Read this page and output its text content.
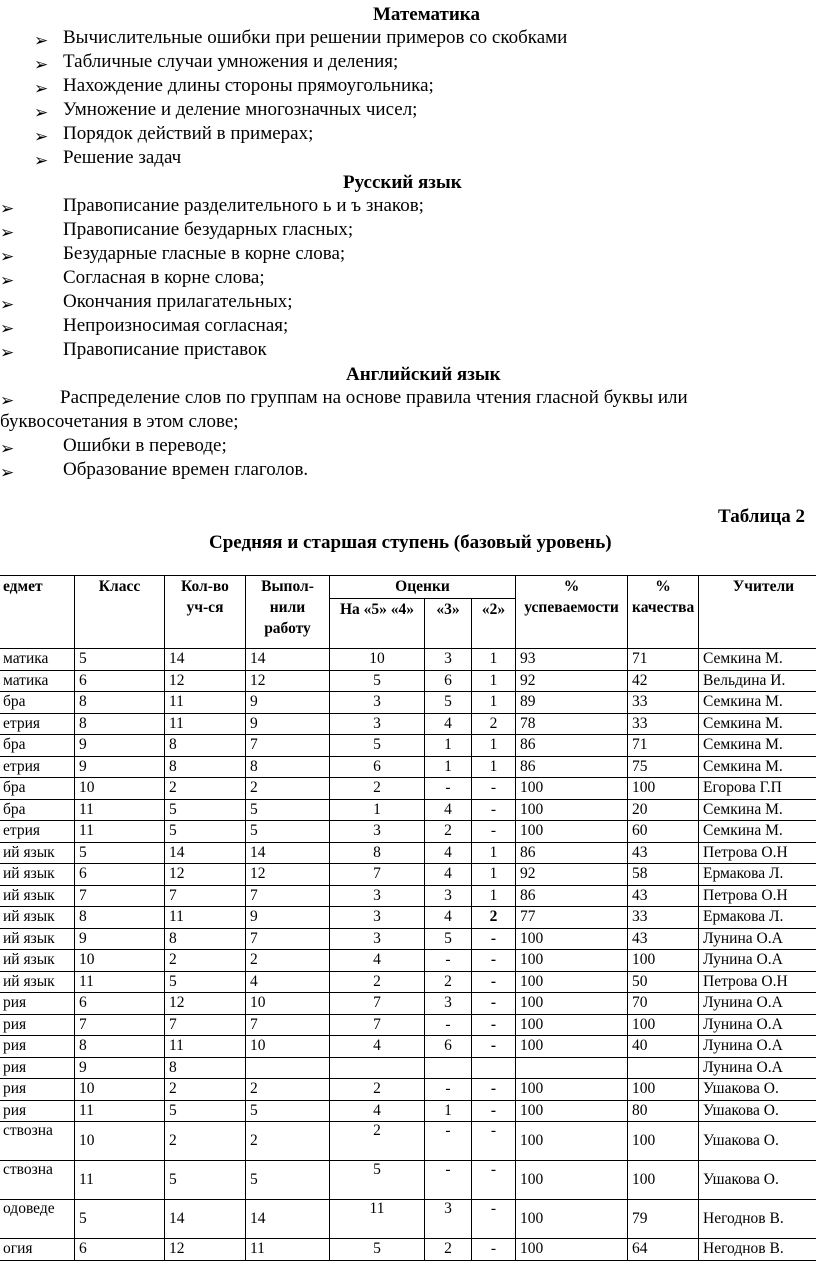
Математика
➢ Вычислительные ошибки при решении примеров со скобками
➢ Табличные случаи умножения и деления;
➢ Нахождение длины стороны прямоугольника;
➢ Умножение и деление многозначных чисел;
➢ Порядок действий в примерах;
➢ Решение задач
Русский язык
➢	Правописание разделительного ь и ъ знаков;
➢	Правописание безударных гласных;
➢	Безударные гласные в корне слова;
➢	Согласная в корне слова;
➢	Окончания прилагательных;
➢	Непроизносимая согласная;
➢	Правописание приставок
Английский язык
➢ Распределение слов по группам на основе правила чтения гласной буквы или
буквосочетания в этом слове;
➢	Ошибки в переводе;
➢	Образование времен глаголов.
Таблица 2
Средняя и старшая ступень (базовый уровень)
едмет	Класс	Кол-во уч-ся	Выпол-нили работу	Оценки			% успеваемости	% качества	Учители
				На «5» «4»	«3»	«2»			
матика	5	14	14	10	3	1	93	71	Семкина М.
матика	6	12	12	5	6	1	92	42	Вельдина И.
бра	8	11	9	3	5	1	89	33	Семкина М.
етрия	8	11	9	3	4	2	78	33	Семкина М.
бра	9	8	7	5	1	1	86	71	Семкина М.
етрия	9	8	8	6	1	1	86	75	Семкина М.
бра	10	2	2	2	-	-	100	100	Егорова Г.П
бра	11	5	5	1	4	-	100	20	Семкина М.
етрия	11	5	5	3	2	-	100	60	Семкина М.
ий язык	5	14	14	8	4	1	86	43	Петрова О.Н
ий язык	6	12	12	7	4	1	92	58	Ермакова Л.
ий язык	7	7	7	3	3	1	86	43	Петрова О.Н
ий язык	8	11	9	3	4	2	77	33	Ермакова Л.
ий язык	9	8	7	3	5	-	100	43	Лунина О.А
ий язык	10	2	2	4	-	-	100	100	Лунина О.А
ий язык	11	5	4	2	2	-	100	50	Петрова О.Н
рия	6	12	10	7	3	-	100	70	Лунина О.А
рия	7	7	7	7	-	-	100	100	Лунина О.А
рия	8	11	10	4	6	-	100	40	Лунина О.А
рия	9	8							Лунина О.А
рия	10	2	2	2	-	-	100	100	Ушакова О.
рия	11	5	5	4	1	-	100	80	Ушакова О.
ствозна	10	2	2	2	-	-	100	100	Ушакова О.
ствозна	11	5	5	5	-	-	100	100	Ушакова О.
одоведе	5	14	14	11	3	-	100	79	Негоднов В.
огия	6	12	11	5	2	-	100	64	Негоднов В.
